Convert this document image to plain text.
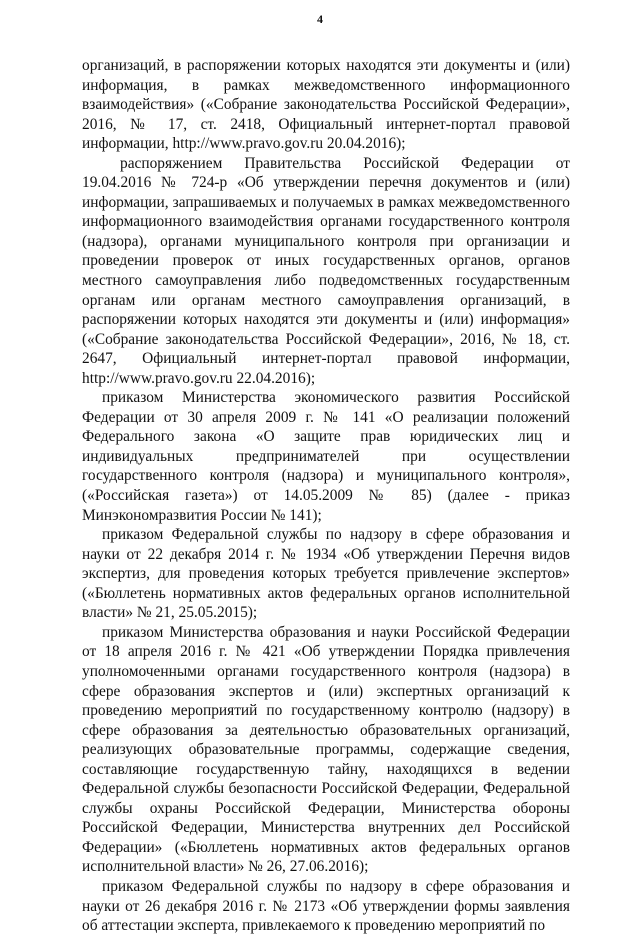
4

организаций, в распоряжении которых находятся эти документы и (или) информация, в рамках межведомственного информационного взаимодействия» («Собрание законодательства Российской Федерации», 2016, № 17, ст. 2418, Официальный интернет-портал правовой информации, http://www.pravo.gov.ru 20.04.2016);

распоряжением Правительства Российской Федерации от 19.04.2016 № 724-р «Об утверждении перечня документов и (или) информации, запрашиваемых и получаемых в рамках межведомственного информационного взаимодействия органами государственного контроля (надзора), органами муниципального контроля при организации и проведении проверок от иных государственных органов, органов местного самоуправления либо подведомственных государственным органам или органам местного самоуправления организаций, в распоряжении которых находятся эти документы и (или) информация» («Собрание законодательства Российской Федерации», 2016, № 18, ст. 2647, Официальный интернет-портал правовой информации, http://www.pravo.gov.ru 22.04.2016);

приказом Министерства экономического развития Российской Федерации от 30 апреля 2009 г. № 141 «О реализации положений Федерального закона «О защите прав юридических лиц и индивидуальных предпринимателей при осуществлении государственного контроля (надзора) и муниципального контроля», («Российская газета») от 14.05.2009 № 85) (далее - приказ Минэкономразвития России № 141);

приказом Федеральной службы по надзору в сфере образования и науки от 22 декабря 2014 г. № 1934 «Об утверждении Перечня видов экспертиз, для проведения которых требуется привлечение экспертов» («Бюллетень нормативных актов федеральных органов исполнительной власти» № 21, 25.05.2015);

приказом Министерства образования и науки Российской Федерации от 18 апреля 2016 г. № 421 «Об утверждении Порядка привлечения уполномоченными органами государственного контроля (надзора) в сфере образования экспертов и (или) экспертных организаций к проведению мероприятий по государственному контролю (надзору) в сфере образования за деятельностью образовательных организаций, реализующих образовательные программы, содержащие сведения, составляющие государственную тайну, находящихся в ведении Федеральной службы безопасности Российской Федерации, Федеральной службы охраны Российской Федерации, Министерства обороны Российской Федерации, Министерства внутренних дел Российской Федерации» («Бюллетень нормативных актов федеральных органов исполнительной власти» № 26, 27.06.2016);

приказом Федеральной службы по надзору в сфере образования и науки от 26 декабря 2016 г. № 2173 «Об утверждении формы заявления об аттестации эксперта, привлекаемого к проведению мероприятий по
